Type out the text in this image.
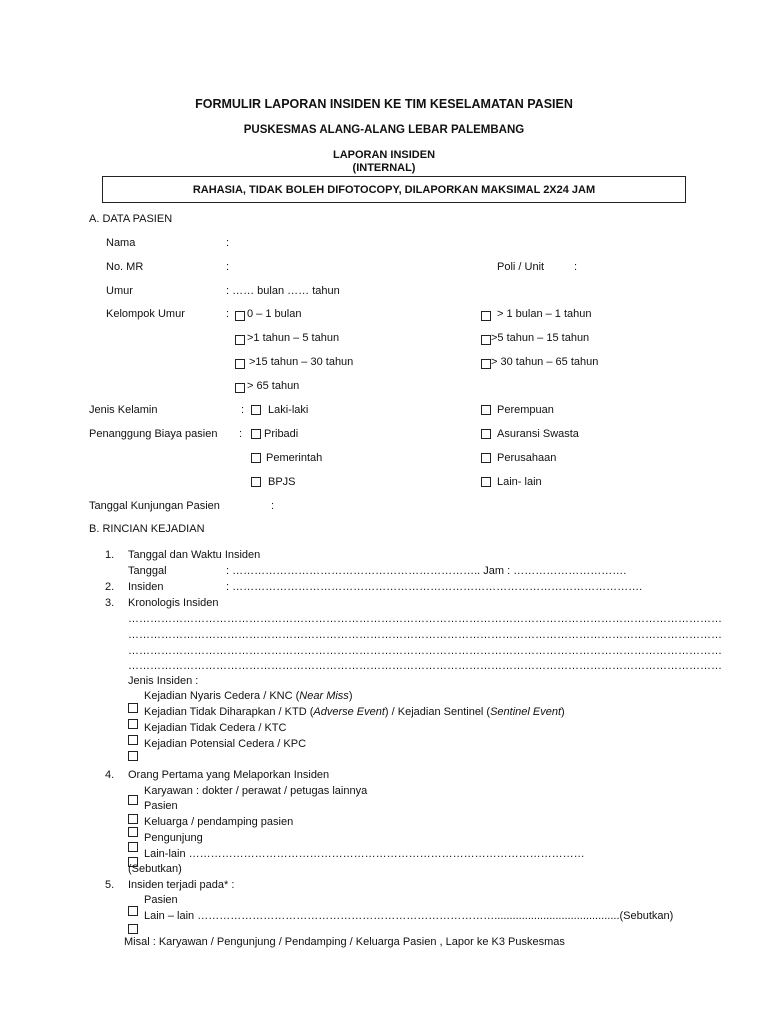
FORMULIR LAPORAN INSIDEN KE TIM KESELAMATAN PASIEN
PUSKESMAS ALANG-ALANG LEBAR PALEMBANG
LAPORAN INSIDEN
(INTERNAL)
RAHASIA, TIDAK BOLEH DIFOTOCOPY, DILAPORKAN MAKSIMAL 2X24 JAM
A. DATA PASIEN
Nama	:
No. MR	:	Poli / Unit	:
Umur	: …… bulan …… tahun
Kelompok Umur	: 0 – 1 bulan	> 1 bulan – 1 tahun
>1 tahun – 5 tahun	>5 tahun – 15 tahun
>15 tahun – 30 tahun	> 30 tahun – 65 tahun
> 65 tahun
Jenis Kelamin	: Laki-laki	Perempuan
Penanggung Biaya pasien : Pribadi	Asuransi Swasta
Pemerintah	Perusahaan
BPJS	Lain- lain
Tanggal Kunjungan Pasien	:
B. RINCIAN KEJADIAN
1. Tanggal dan Waktu Insiden
Tanggal	: ………………………………………………………….. Jam : ………………………….
2. Insiden	: ………………………………………………………………………………………………….
3. Kronologis Insiden
………………………………………………………………………………………………………………………………………………
………………………………………………………………………………………………………………………………………………
………………………………………………………………………………………………………………………………………………
………………………………………………………………………………………………………………………………………………
Jenis Insiden :
Kejadian Nyaris Cedera / KNC (Near Miss)
Kejadian Tidak Diharapkan / KTD (Adverse Event) / Kejadian Sentinel (Sentinel Event)
Kejadian Tidak Cedera / KTC
Kejadian Potensial Cedera / KPC
4. Orang Pertama yang Melaporkan Insiden
Karyawan : dokter / perawat / petugas lainnya
Pasien
Keluarga / pendamping pasien
Pengunjung
Lain-lain ………………………………………………………………………………………………
(Sebutkan)
5. Insiden terjadi pada* :
Pasien
Lain – lain ……………………………………………………………………….........................................(Sebutkan)
Misal : Karyawan / Pengunjung / Pendamping / Keluarga Pasien , Lapor ke K3 Puskesmas
